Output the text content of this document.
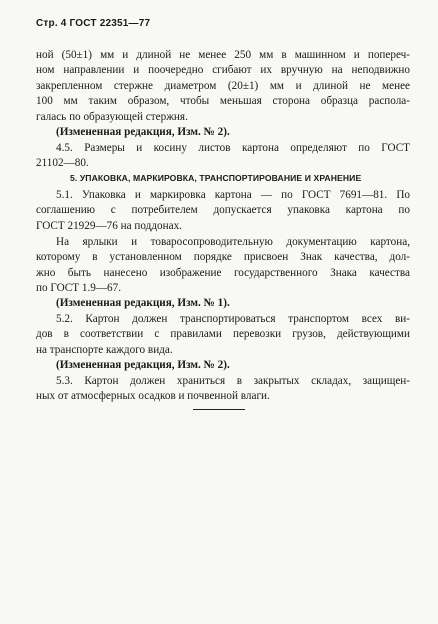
Стр. 4 ГОСТ 22351—77
ной (50±1) мм и длиной не менее 250 мм в машинном и попереч-
ном направлении и поочередно сгибают их вручную на неподвижно
закрепленном стержне диаметром (20±1) мм и длиной не менее
100 мм таким образом, чтобы меньшая сторона образца распола-
галась по образующей стержня.
(Измененная редакция, Изм. № 2).
4.5. Размеры и косину листов картона определяют по ГОСТ
21102—80.
5. УПАКОВКА, МАРКИРОВКА, ТРАНСПОРТИРОВАНИЕ И ХРАНЕНИЕ
5.1. Упаковка и маркировка картона — по ГОСТ 7691—81. По
соглашению с потребителем допускается упаковка картона по
ГОСТ 21929—76 на поддонах.
На ярлыки и товаросопроводительную документацию картона,
которому в установленном порядке присвоен Знак качества, дол-
жно быть нанесено изображение государственного Знака качества
по ГОСТ 1.9—67.
(Измененная редакция, Изм. № 1).
5.2. Картон должен транспортироваться транспортом всех ви-
дов в соответствии с правилами перевозки грузов, действующими
на транспорте каждого вида.
(Измененная редакция, Изм. № 2).
5.3. Картон должен храниться в закрытых складах, защищен-
ных от атмосферных осадков и почвенной влаги.
